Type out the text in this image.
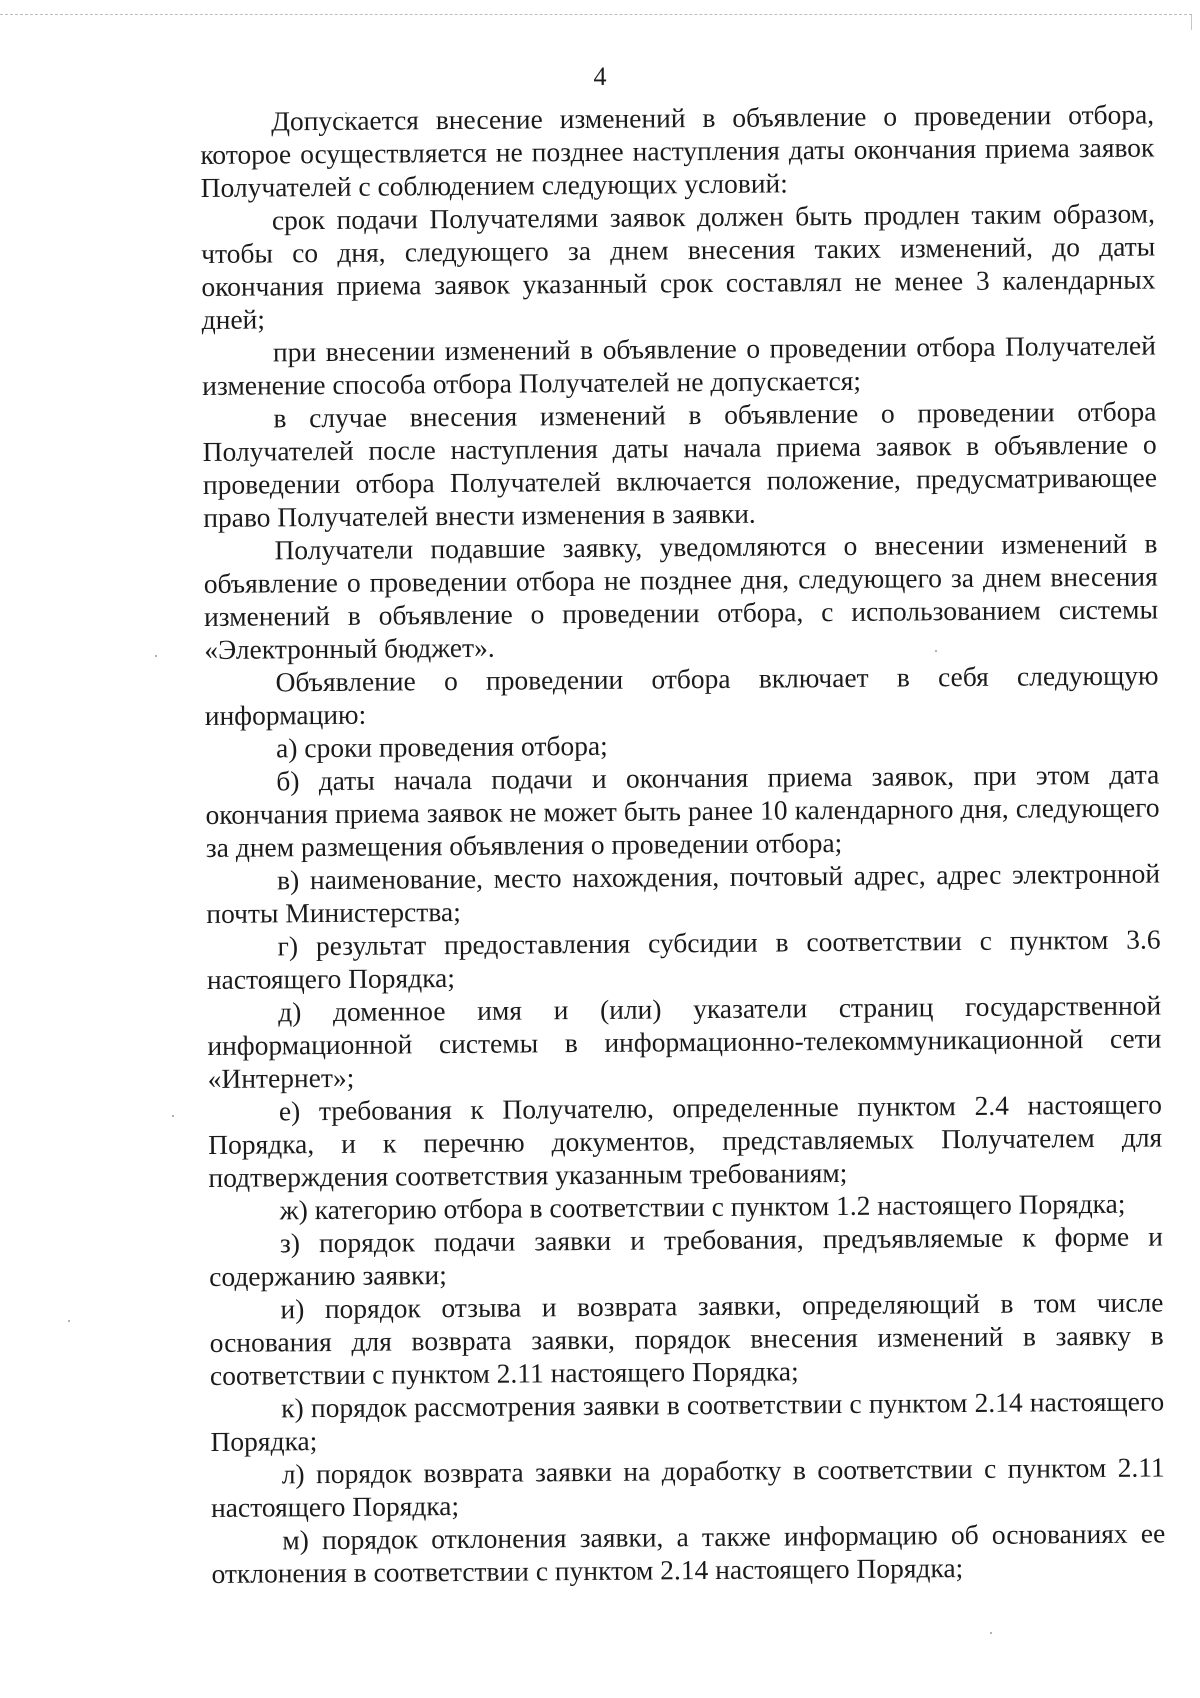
4

Допускается внесение изменений в объявление о проведении отбора, которое осуществляется не позднее наступления даты окончания приема заявок Получателей с соблюдением следующих условий:

срок подачи Получателями заявок должен быть продлен таким образом, чтобы со дня, следующего за днем внесения таких изменений, до даты окончания приема заявок указанный срок составлял не менее 3 календарных дней;

при внесении изменений в объявление о проведении отбора Получателей изменение способа отбора Получателей не допускается;

в случае внесения изменений в объявление о проведении отбора Получателей после наступления даты начала приема заявок в объявление о проведении отбора Получателей включается положение, предусматривающее право Получателей внести изменения в заявки.

Получатели подавшие заявку, уведомляются о внесении изменений в объявление о проведении отбора не позднее дня, следующего за днем внесения изменений в объявление о проведении отбора, с использованием системы «Электронный бюджет».

Объявление о проведении отбора включает в себя следующую информацию:

а) сроки проведения отбора;

б) даты начала подачи и окончания приема заявок, при этом дата окончания приема заявок не может быть ранее 10 календарного дня, следующего за днем размещения объявления о проведении отбора;

в) наименование, место нахождения, почтовый адрес, адрес электронной почты Министерства;

г) результат предоставления субсидии в соответствии с пунктом 3.6 настоящего Порядка;

д) доменное имя и (или) указатели страниц государственной информационной системы в информационно-телекоммуникационной сети «Интернет»;

е) требования к Получателю, определенные пунктом 2.4 настоящего Порядка, и к перечню документов, представляемых Получателем для подтверждения соответствия указанным требованиям;

ж) категорию отбора в соответствии с пунктом 1.2 настоящего Порядка;

з) порядок подачи заявки и требования, предъявляемые к форме и содержанию заявки;

и) порядок отзыва и возврата заявки, определяющий в том числе основания для возврата заявки, порядок внесения изменений в заявку в соответствии с пунктом 2.11 настоящего Порядка;

к) порядок рассмотрения заявки в соответствии с пунктом 2.14 настоящего Порядка;

л) порядок возврата заявки на доработку в соответствии с пунктом 2.11 настоящего Порядка;

м) порядок отклонения заявки, а также информацию об основаниях ее отклонения в соответствии с пунктом 2.14 настоящего Порядка;
